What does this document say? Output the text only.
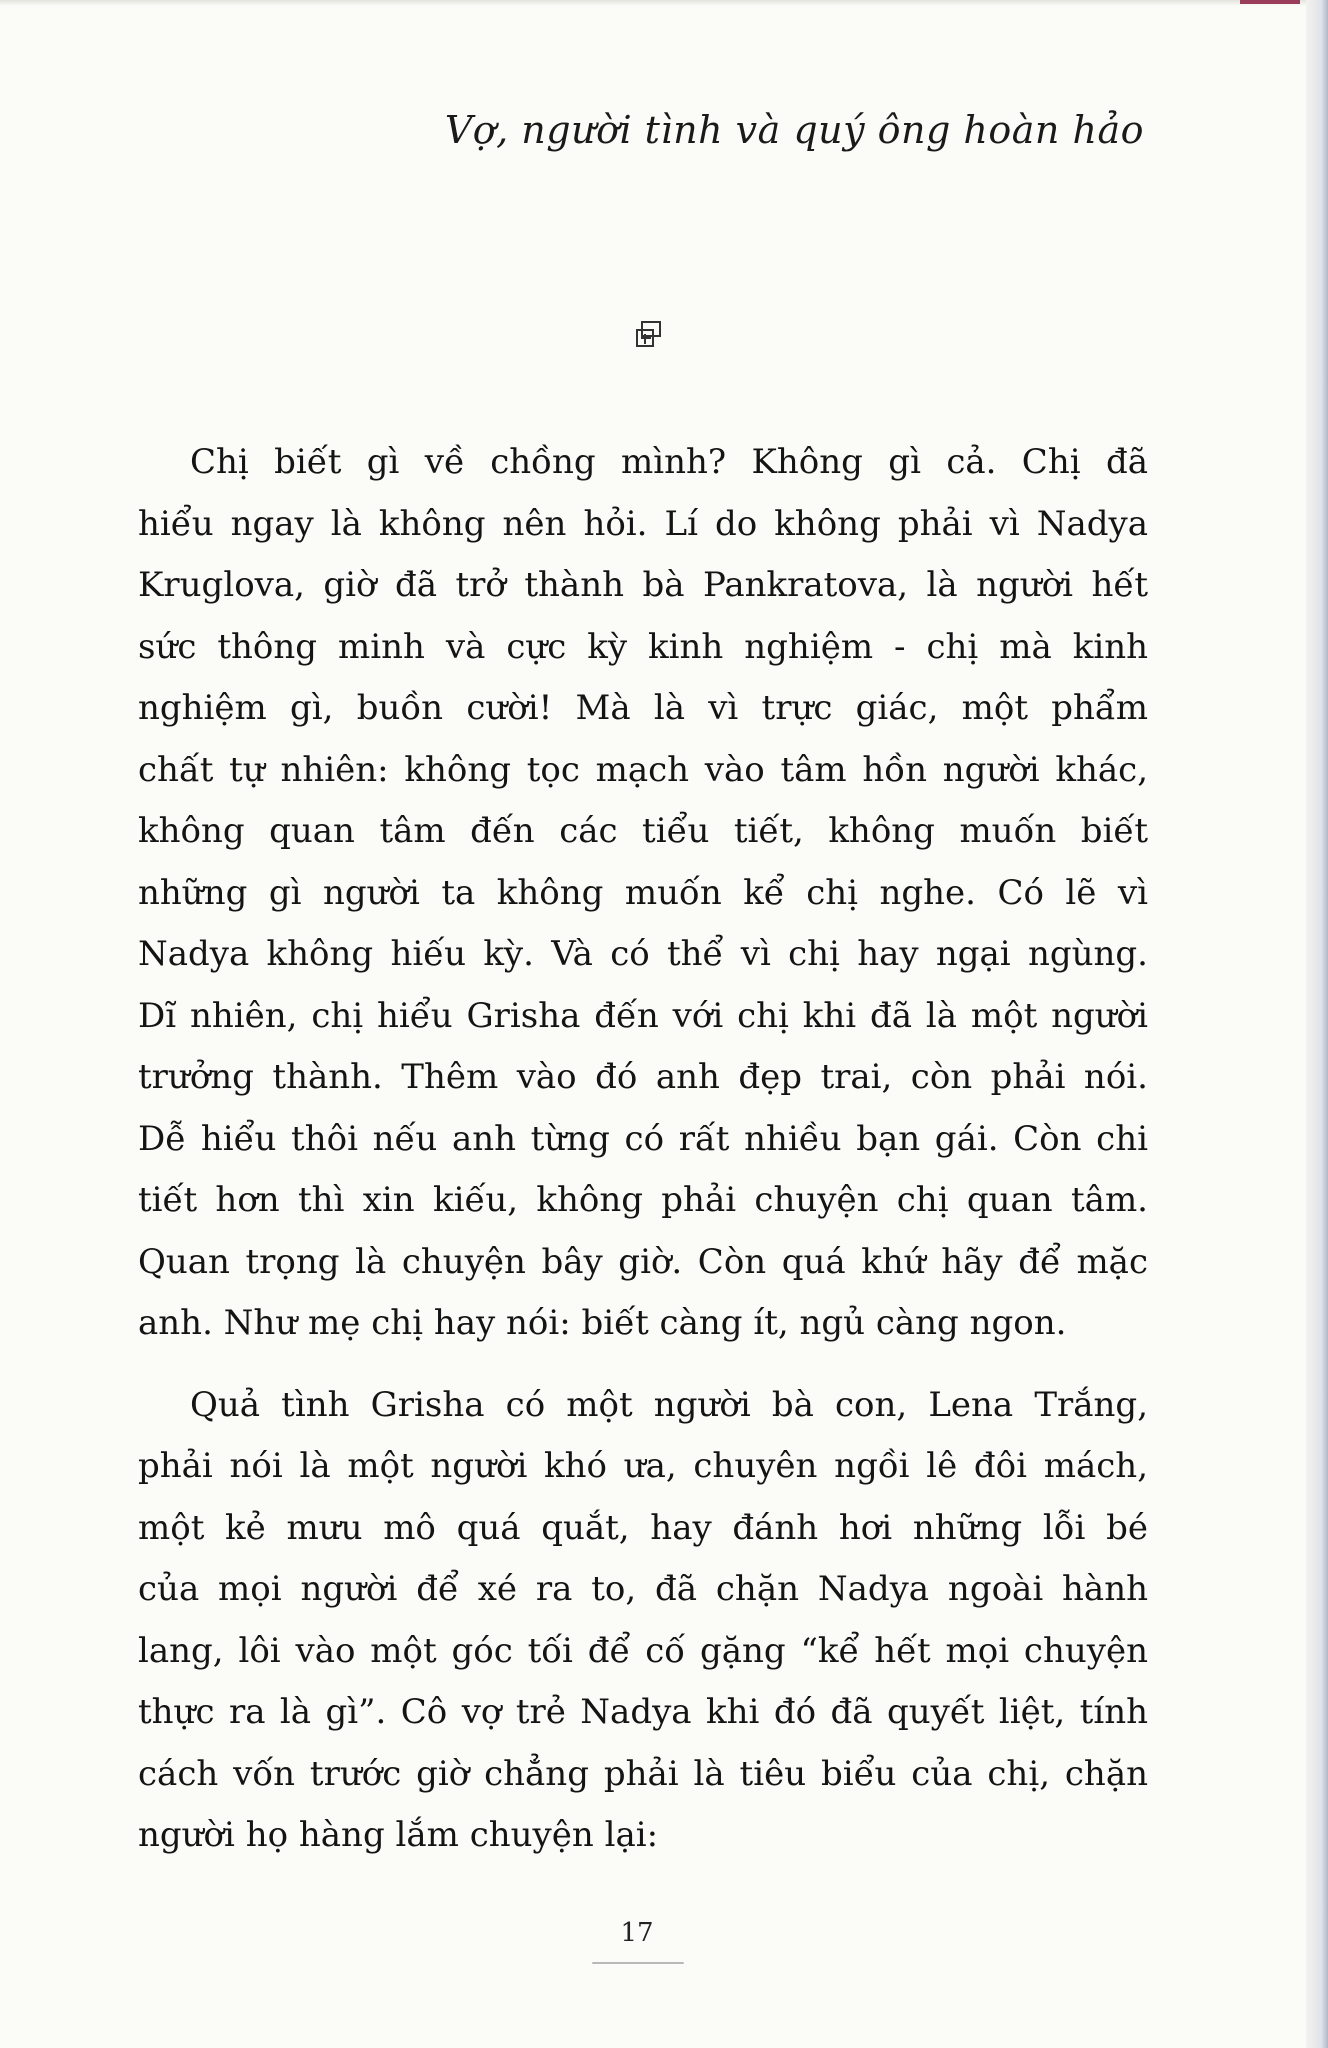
Vợ, người tình và quý ông hoàn hảo
Chị biết gì về chồng mình? Không gì cả. Chị đã
hiểu ngay là không nên hỏi. Lí do không phải vì Nadya
Kruglova, giờ đã trở thành bà Pankratova, là người hết
sức thông minh và cực kỳ kinh nghiệm - chị mà kinh
nghiệm gì, buồn cười! Mà là vì trực giác, một phẩm
chất tự nhiên: không tọc mạch vào tâm hồn người khác,
không quan tâm đến các tiểu tiết, không muốn biết
những gì người ta không muốn kể chị nghe. Có lẽ vì
Nadya không hiếu kỳ. Và có thể vì chị hay ngại ngùng.
Dĩ nhiên, chị hiểu Grisha đến với chị khi đã là một người
trưởng thành. Thêm vào đó anh đẹp trai, còn phải nói.
Dễ hiểu thôi nếu anh từng có rất nhiều bạn gái. Còn chi
tiết hơn thì xin kiếu, không phải chuyện chị quan tâm.
Quan trọng là chuyện bây giờ. Còn quá khứ hãy để mặc
anh. Như mẹ chị hay nói: biết càng ít, ngủ càng ngon.
Quả tình Grisha có một người bà con, Lena Trắng,
phải nói là một người khó ưa, chuyên ngồi lê đôi mách,
một kẻ mưu mô quá quắt, hay đánh hơi những lỗi bé
của mọi người để xé ra to, đã chặn Nadya ngoài hành
lang, lôi vào một góc tối để cố gặng “kể hết mọi chuyện
thực ra là gì”. Cô vợ trẻ Nadya khi đó đã quyết liệt, tính
cách vốn trước giờ chẳng phải là tiêu biểu của chị, chặn
người họ hàng lắm chuyện lại:
17
